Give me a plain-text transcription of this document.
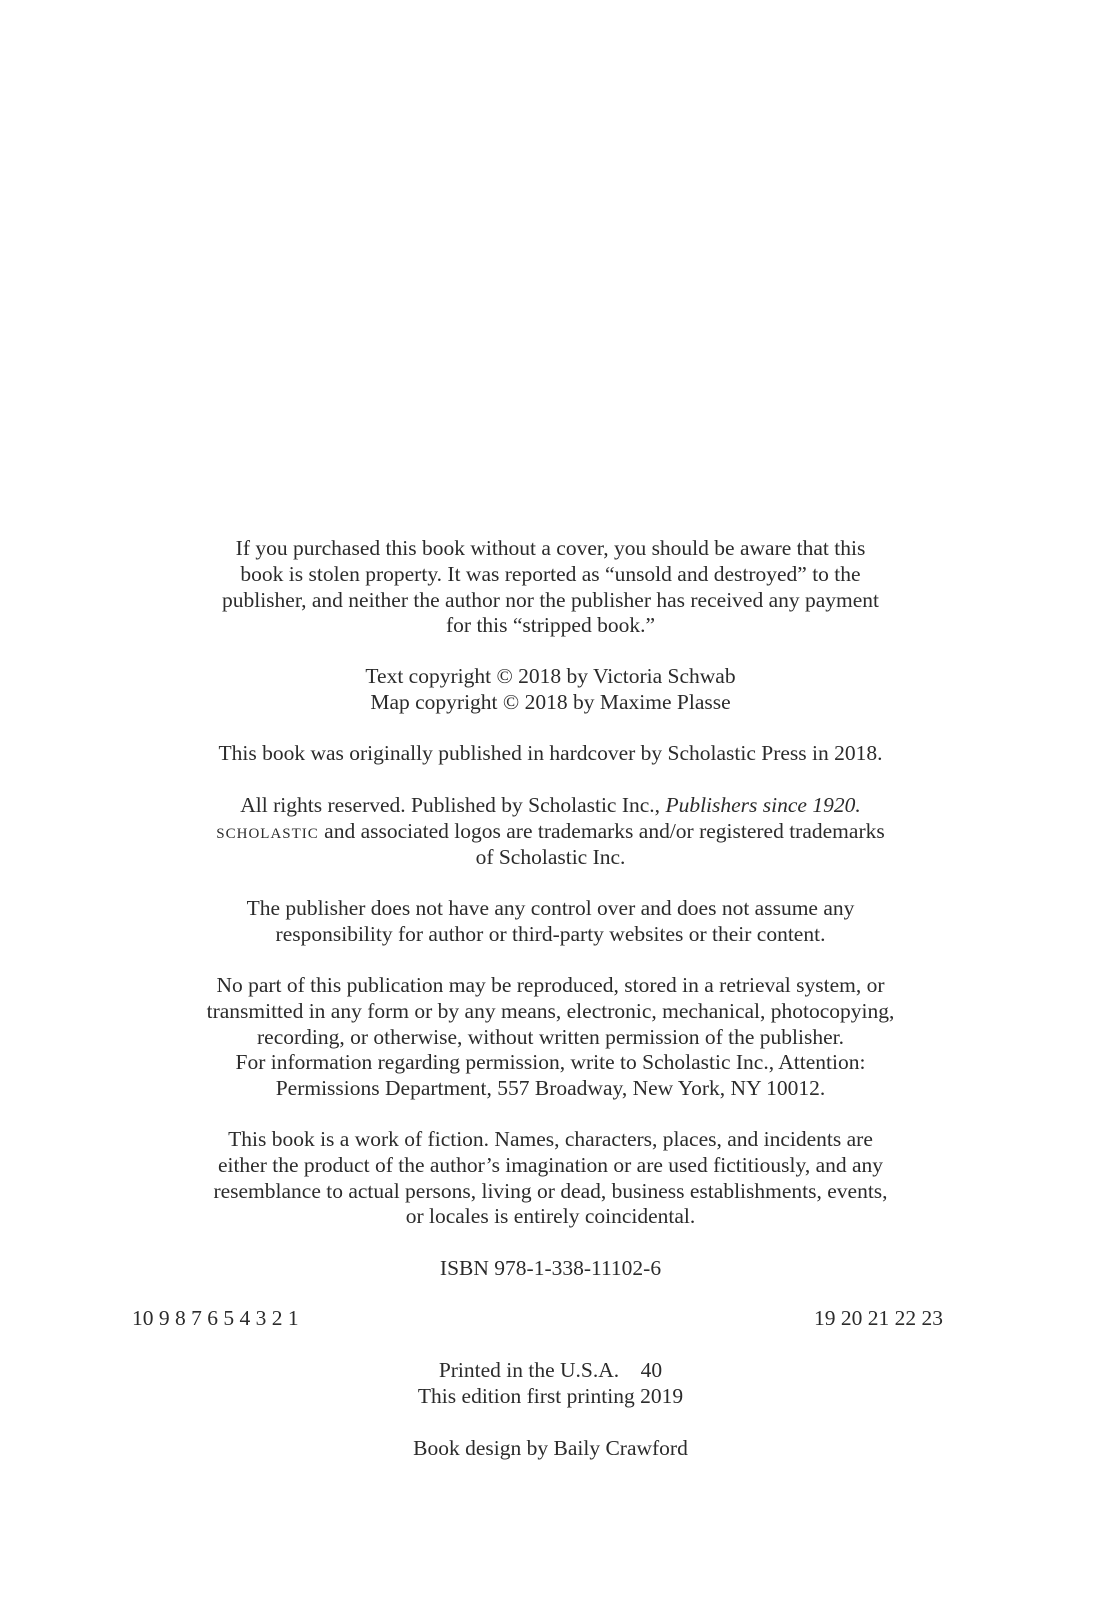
If you purchased this book without a cover, you should be aware that this
book is stolen property. It was reported as “unsold and destroyed” to the
publisher, and neither the author nor the publisher has received any payment
for this “stripped book.”
Text copyright © 2018 by Victoria Schwab
Map copyright © 2018 by Maxime Plasse
This book was originally published in hardcover by Scholastic Press in 2018.
All rights reserved. Published by Scholastic Inc., Publishers since 1920.
scholastic and associated logos are trademarks and/or registered trademarks
of Scholastic Inc.
The publisher does not have any control over and does not assume any
responsibility for author or third-party websites or their content.
No part of this publication may be reproduced, stored in a retrieval system, or
transmitted in any form or by any means, electronic, mechanical, photocopying,
recording, or otherwise, without written permission of the publisher.
For information regarding permission, write to Scholastic Inc., Attention:
Permissions Department, 557 Broadway, New York, NY 10012.
This book is a work of fiction. Names, characters, places, and incidents are
either the product of the author’s imagination or are used fictitiously, and any
resemblance to actual persons, living or dead, business establishments, events,
or locales is entirely coincidental.
ISBN 978-1-338-11102-6
10 9 8 7 6 5 4 3 2 1	19 20 21 22 23
Printed in the U.S.A.    40
This edition first printing 2019
Book design by Baily Crawford
